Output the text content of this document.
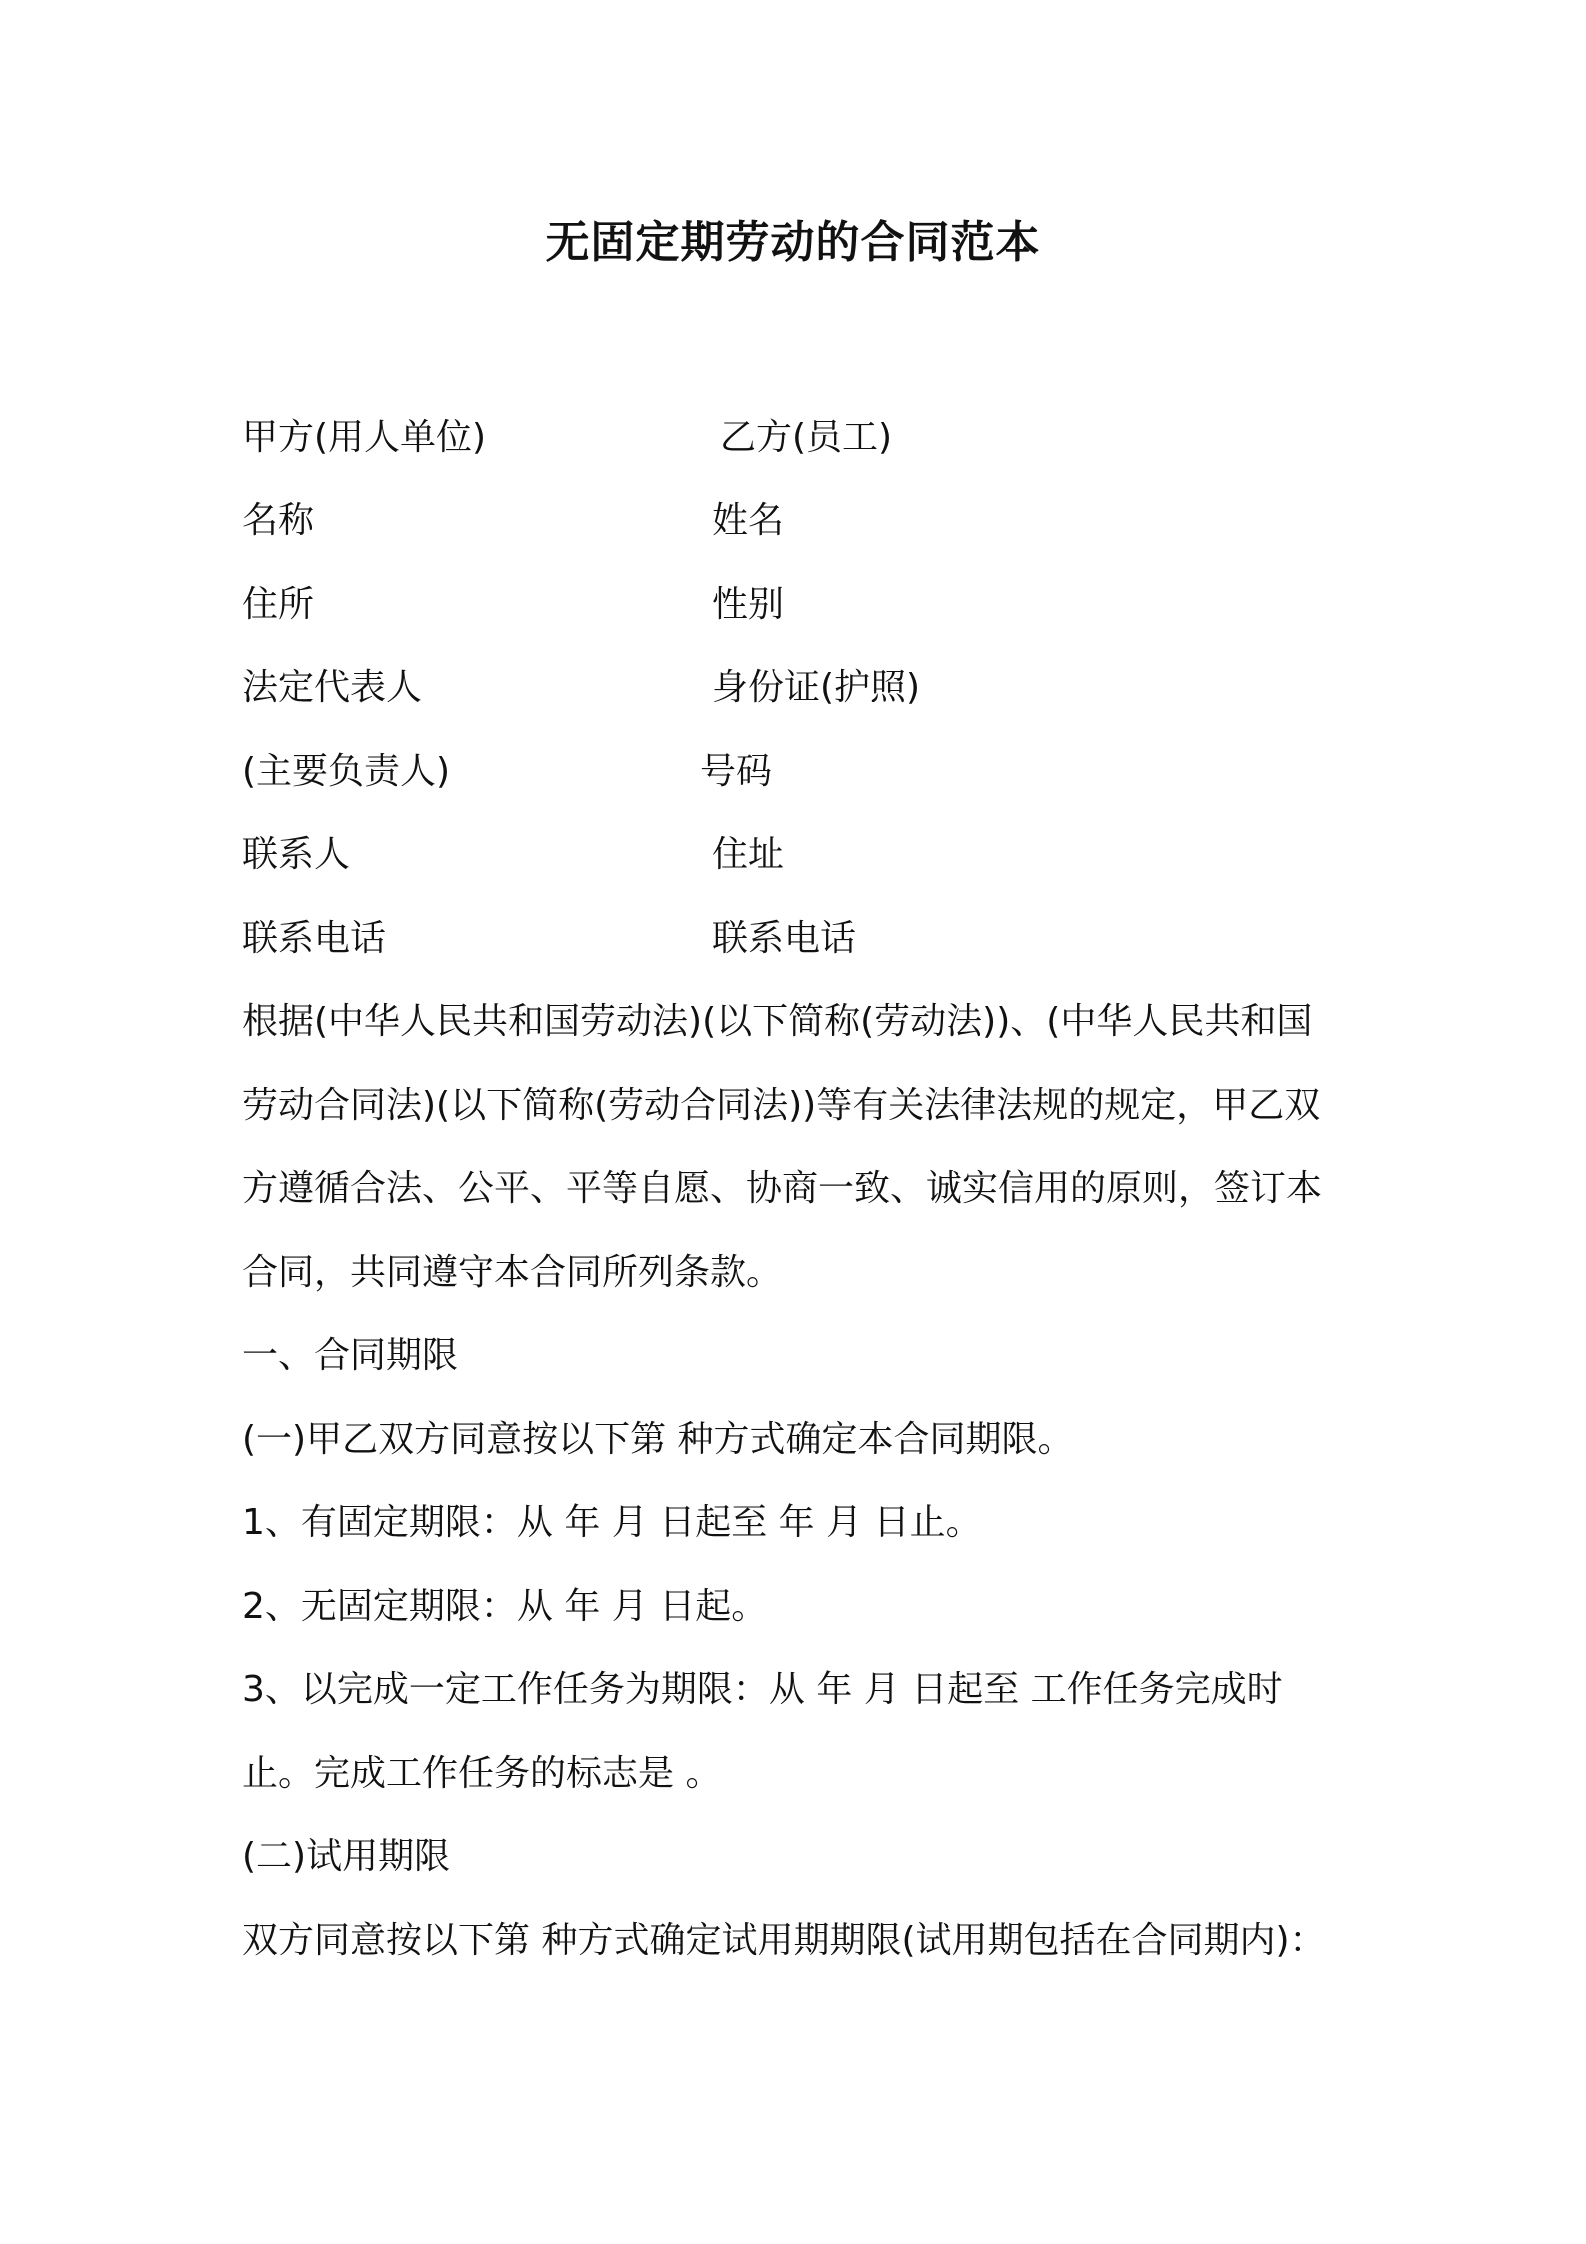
无固定期劳动的合同范本
甲方(用人单位)	乙方(员工)
名称	姓名
住所	性别
法定代表人	身份证(护照)
(主要负责人)	号码
联系人	住址
联系电话	联系电话
根据(中华人民共和国劳动法)(以下简称(劳动法))、(中华人民共和国
劳动合同法)(以下简称(劳动合同法))等有关法律法规的规定，甲乙双
方遵循合法、公平、平等自愿、协商一致、诚实信用的原则，签订本
合同，共同遵守本合同所列条款。
一、合同期限
(一)甲乙双方同意按以下第 种方式确定本合同期限。
1、有固定期限：从 年 月 日起至 年 月 日止。
2、无固定期限：从 年 月 日起。
3、以完成一定工作任务为期限：从 年 月 日起至 工作任务完成时
止。完成工作任务的标志是 。
(二)试用期限
双方同意按以下第 种方式确定试用期期限(试用期包括在合同期内)：
